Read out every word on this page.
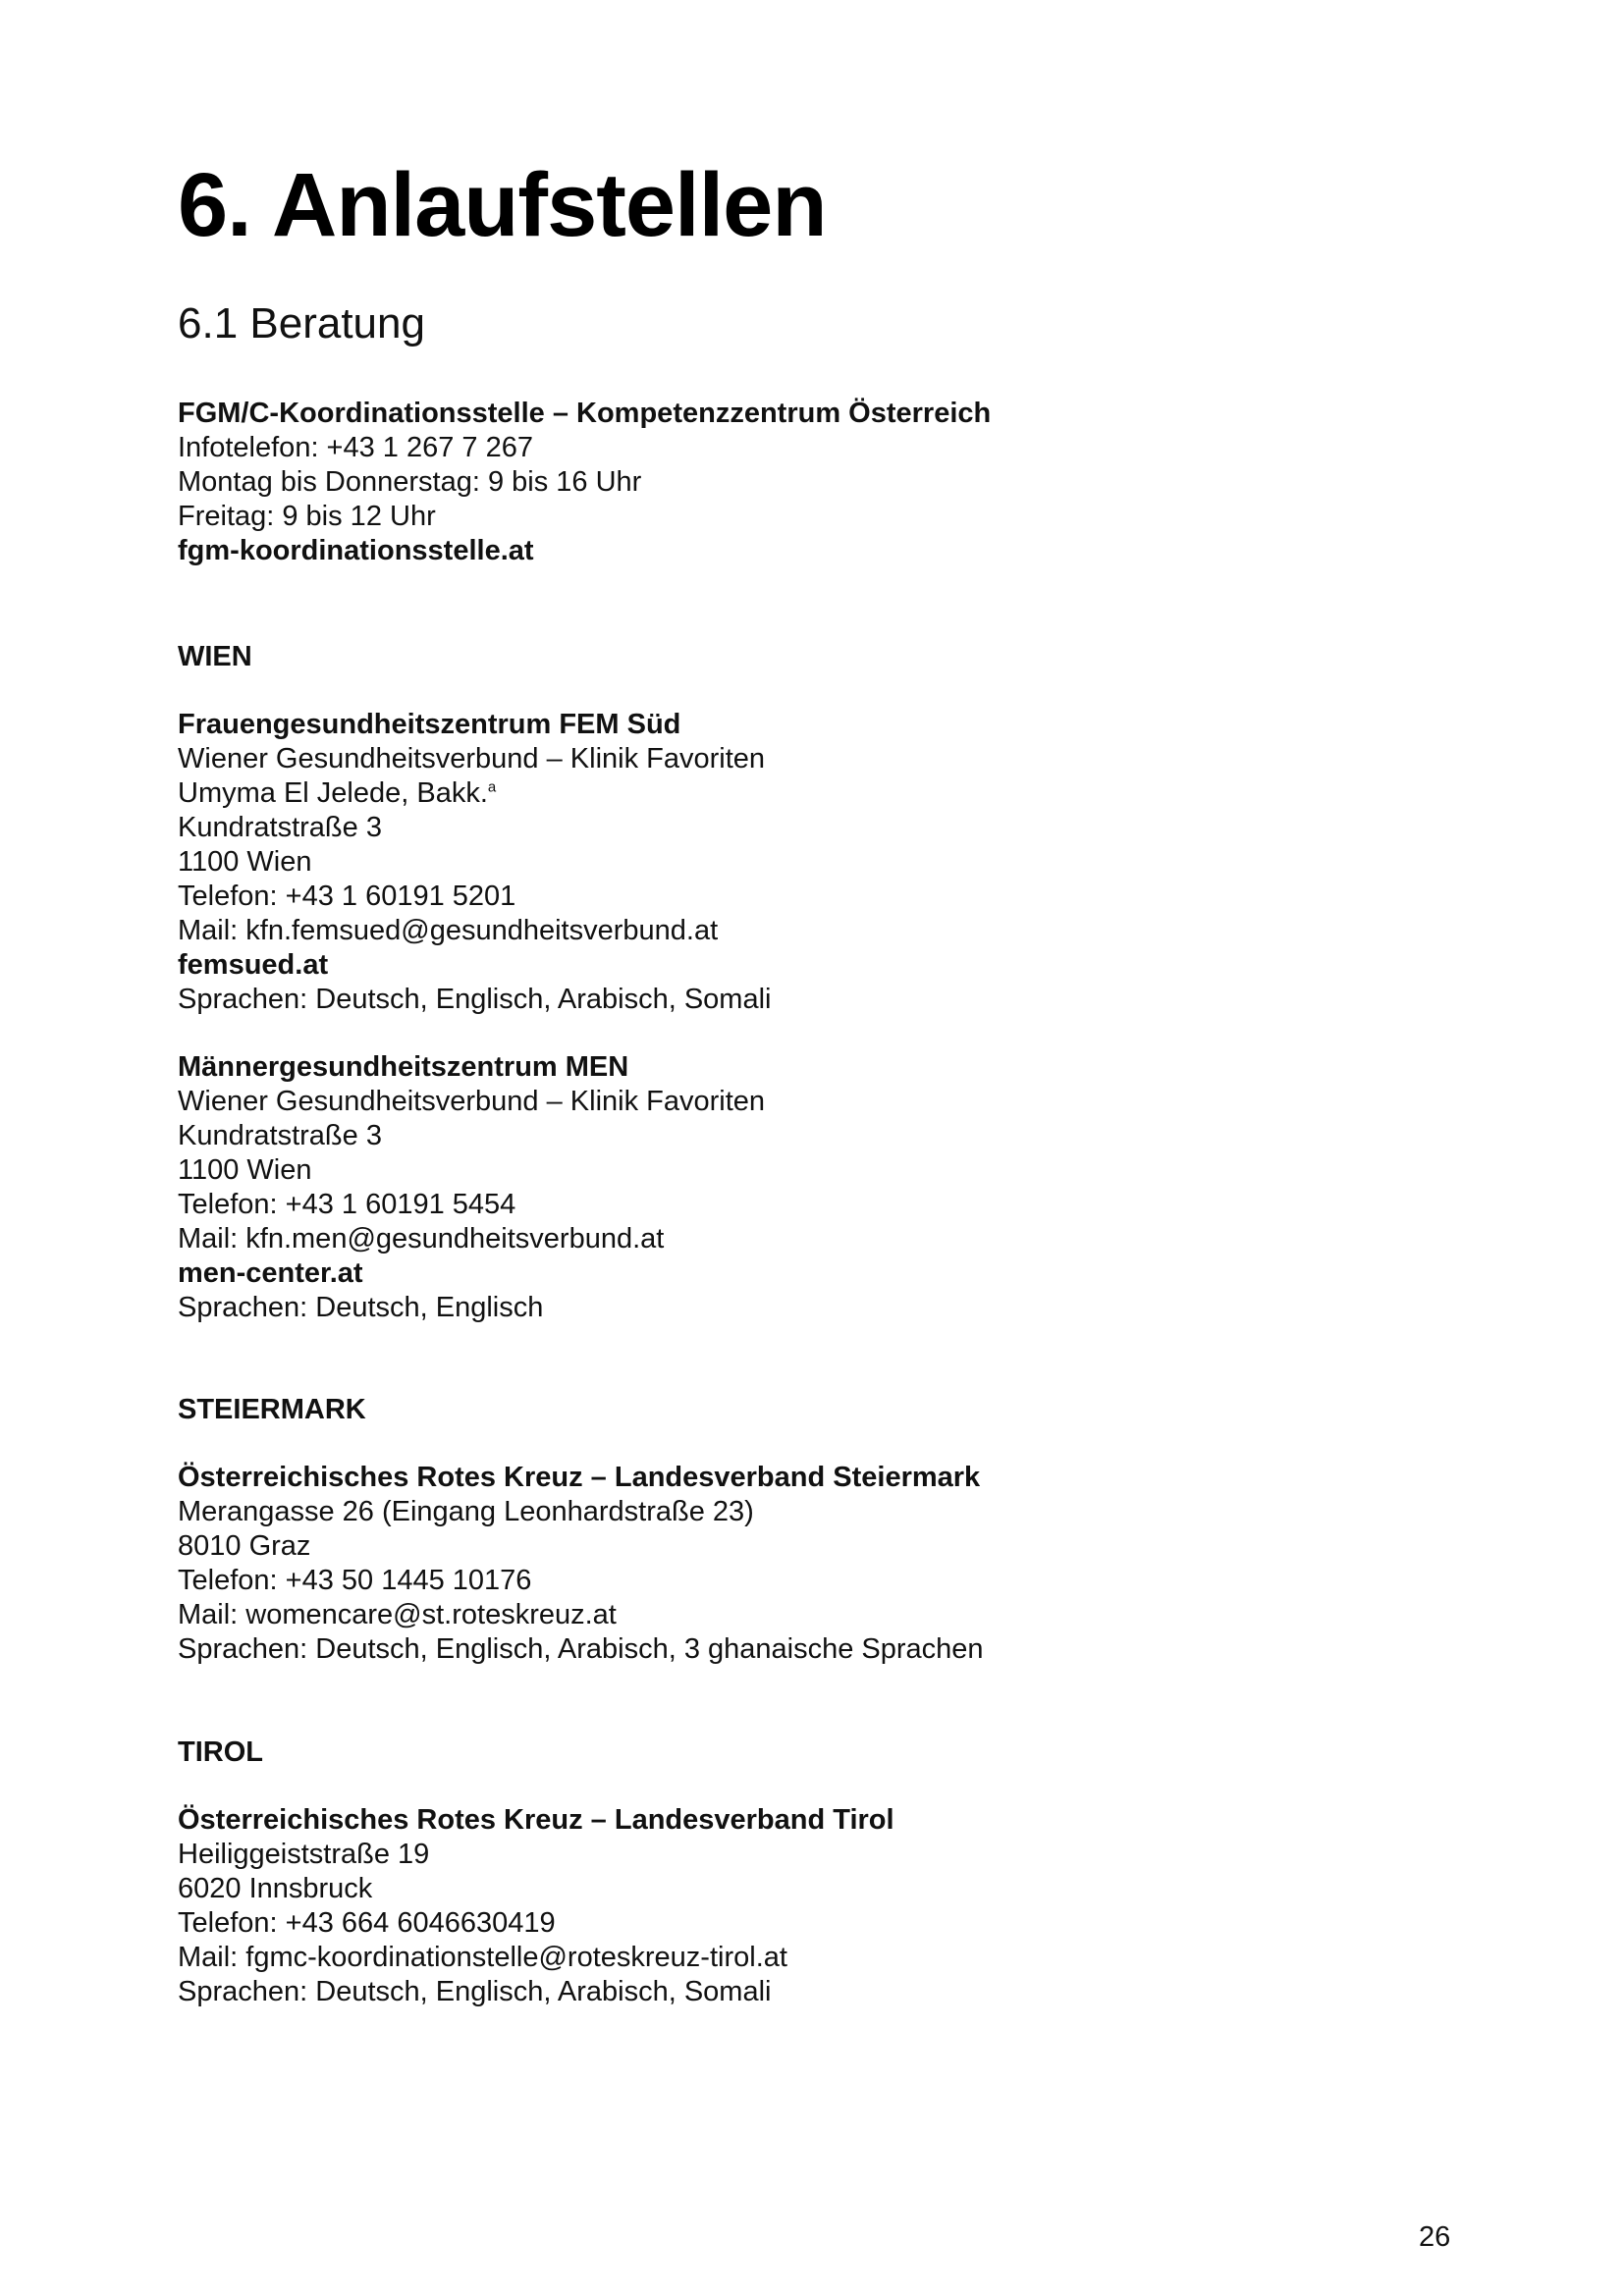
6. Anlaufstellen
6.1 Beratung
FGM/C-Koordinationsstelle – Kompetenzzentrum Österreich
Infotelefon: +43 1 267 7 267
Montag bis Donnerstag: 9 bis 16 Uhr
Freitag: 9 bis 12 Uhr
fgm-koordinationsstelle.at
WIEN
Frauengesundheitszentrum FEM Süd
Wiener Gesundheitsverbund – Klinik Favoriten
Umyma El Jelede, Bakk.$^a$
Kundratstraße 3
1100 Wien
Telefon: +43 1 60191 5201
Mail: kfn.femsued@gesundheitsverbund.at
femsued.at
Sprachen: Deutsch, Englisch, Arabisch, Somali
Männergesundheitszentrum MEN
Wiener Gesundheitsverbund – Klinik Favoriten
Kundratstraße 3
1100 Wien
Telefon: +43 1 60191 5454
Mail: kfn.men@gesundheitsverbund.at
men-center.at
Sprachen: Deutsch, Englisch
STEIERMARK
Österreichisches Rotes Kreuz – Landesverband Steiermark
Merangasse 26 (Eingang Leonhardstraße 23)
8010 Graz
Telefon: +43 50 1445 10176
Mail: womencare@st.roteskreuz.at
Sprachen: Deutsch, Englisch, Arabisch, 3 ghanaische Sprachen
TIROL
Österreichisches Rotes Kreuz – Landesverband Tirol
Heiliggeiststraße 19
6020 Innsbruck
Telefon: +43 664 6046630419
Mail: fgmc-koordinationstelle@roteskreuz-tirol.at
Sprachen: Deutsch, Englisch, Arabisch, Somali
26
